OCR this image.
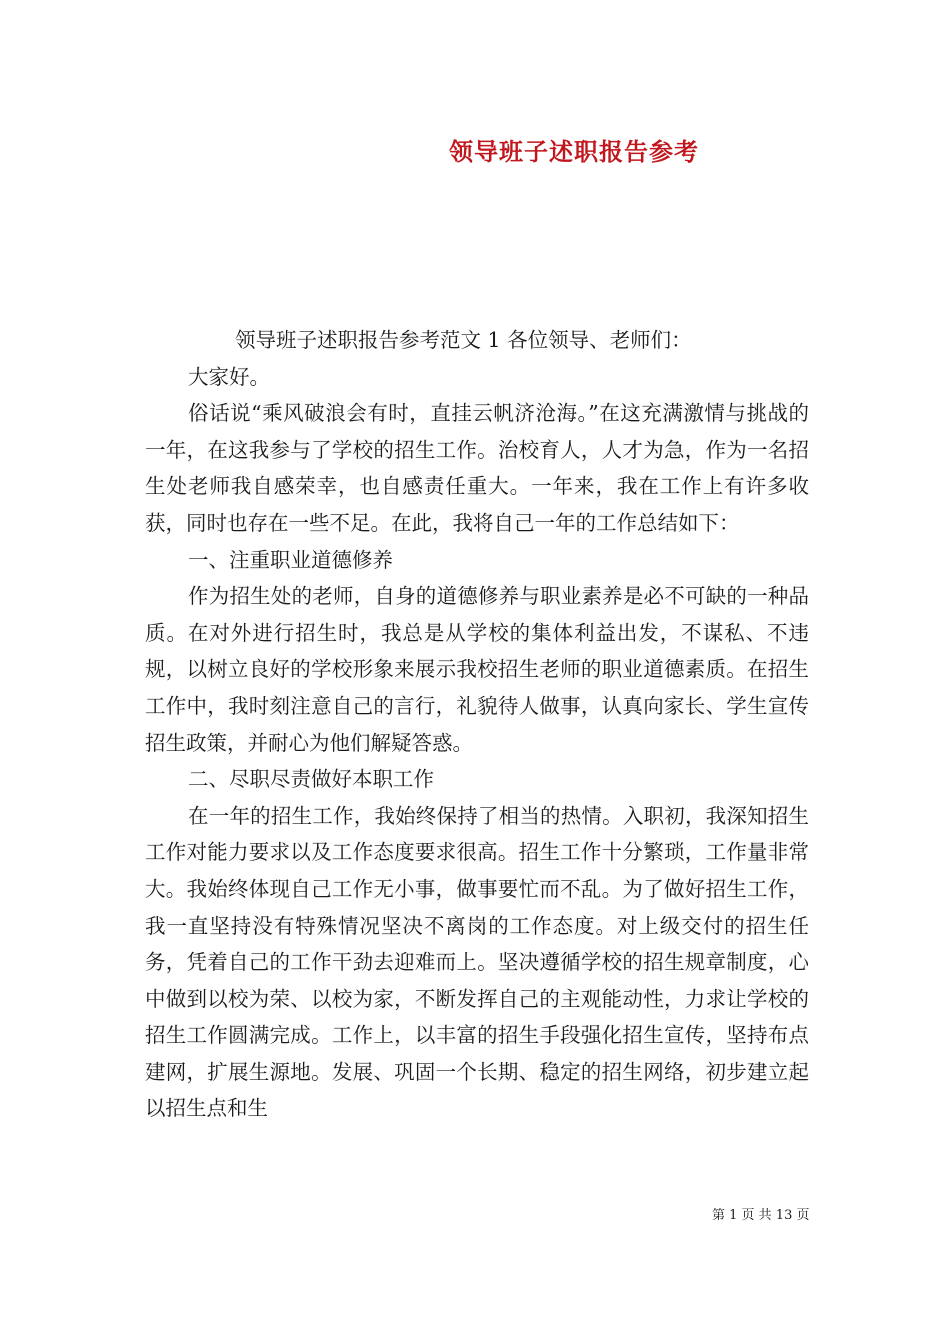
领导班子述职报告参考

领导班子述职报告参考范文 1 各位领导、老师们：

大家好。

俗话说“乘风破浪会有时，直挂云帆济沧海。”在这充满激情与挑战的一年，在这我参与了学校的招生工作。治校育人，人才为急，作为一名招生处老师我自感荣幸，也自感责任重大。一年来，我在工作上有许多收获，同时也存在一些不足。在此，我将自己一年的工作总结如下：

一、注重职业道德修养

作为招生处的老师，自身的道德修养与职业素养是必不可缺的一种品质。在对外进行招生时，我总是从学校的集体利益出发，不谋私、不违规，以树立良好的学校形象来展示我校招生老师的职业道德素质。在招生工作中，我时刻注意自己的言行，礼貌待人做事，认真向家长、学生宣传招生政策，并耐心为他们解疑答惑。

二、尽职尽责做好本职工作

在一年的招生工作，我始终保持了相当的热情。入职初，我深知招生工作对能力要求以及工作态度要求很高。招生工作十分繁琐，工作量非常大。我始终体现自己工作无小事，做事要忙而不乱。为了做好招生工作，我一直坚持没有特殊情况坚决不离岗的工作态度。对上级交付的招生任务，凭着自己的工作干劲去迎难而上。坚决遵循学校的招生规章制度，心中做到以校为荣、以校为家，不断发挥自己的主观能动性，力求让学校的招生工作圆满完成。工作上，以丰富的招生手段强化招生宣传，坚持布点建网，扩展生源地。发展、巩固一个长期、稳定的招生网络，初步建立起以招生点和生

第 1 页 共 13 页
